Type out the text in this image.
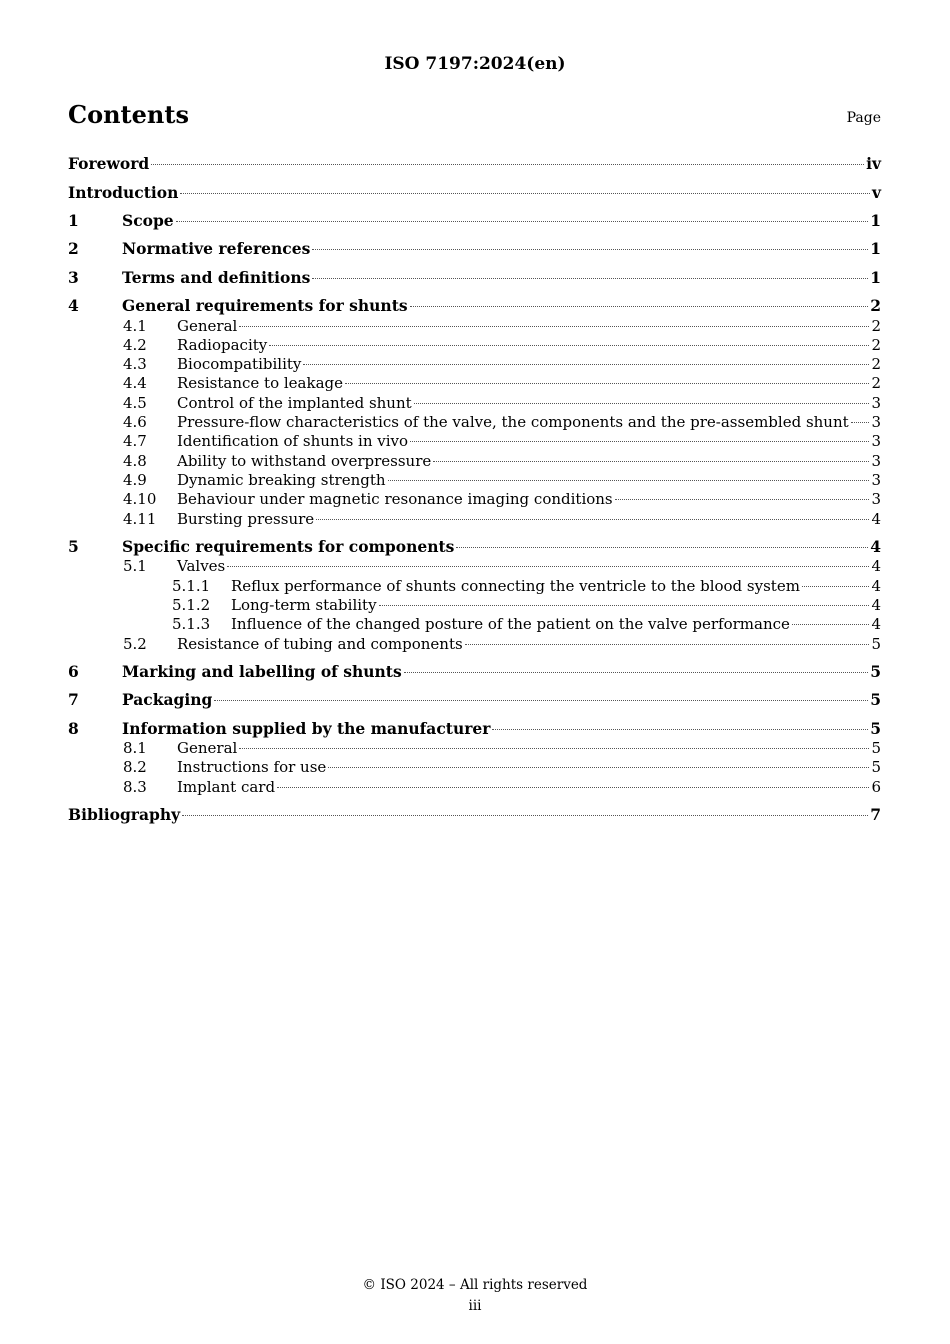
ISO 7197:2024(en)
Contents	Page
Foreword	iv
Introduction	v
1	Scope	1
2	Normative references	1
3	Terms and definitions	1
4	General requirements for shunts	2
4.1 General	2
4.2 Radiopacity	2
4.3 Biocompatibility	2
4.4 Resistance to leakage	2
4.5 Control of the implanted shunt	3
4.6 Pressure-flow characteristics of the valve, the components and the pre-assembled shunt 3
4.7 Identification of shunts in vivo	3
4.8 Ability to withstand overpressure	3
4.9 Dynamic breaking strength	3
4.10 Behaviour under magnetic resonance imaging conditions	3
4.11 Bursting pressure	4
5	Specific requirements for components	4
5.1 Valves	4
5.1.1 Reflux performance of shunts connecting the ventricle to the blood system	4
5.1.2 Long-term stability	4
5.1.3 Influence of the changed posture of the patient on the valve performance	4
5.2 Resistance of tubing and components	5
6	Marking and labelling of shunts	5
7	Packaging	5
8	Information supplied by the manufacturer	5
8.1 General	5
8.2 Instructions for use	5
8.3 Implant card	6
Bibliography	7
© ISO 2024 – All rights reserved
iii
